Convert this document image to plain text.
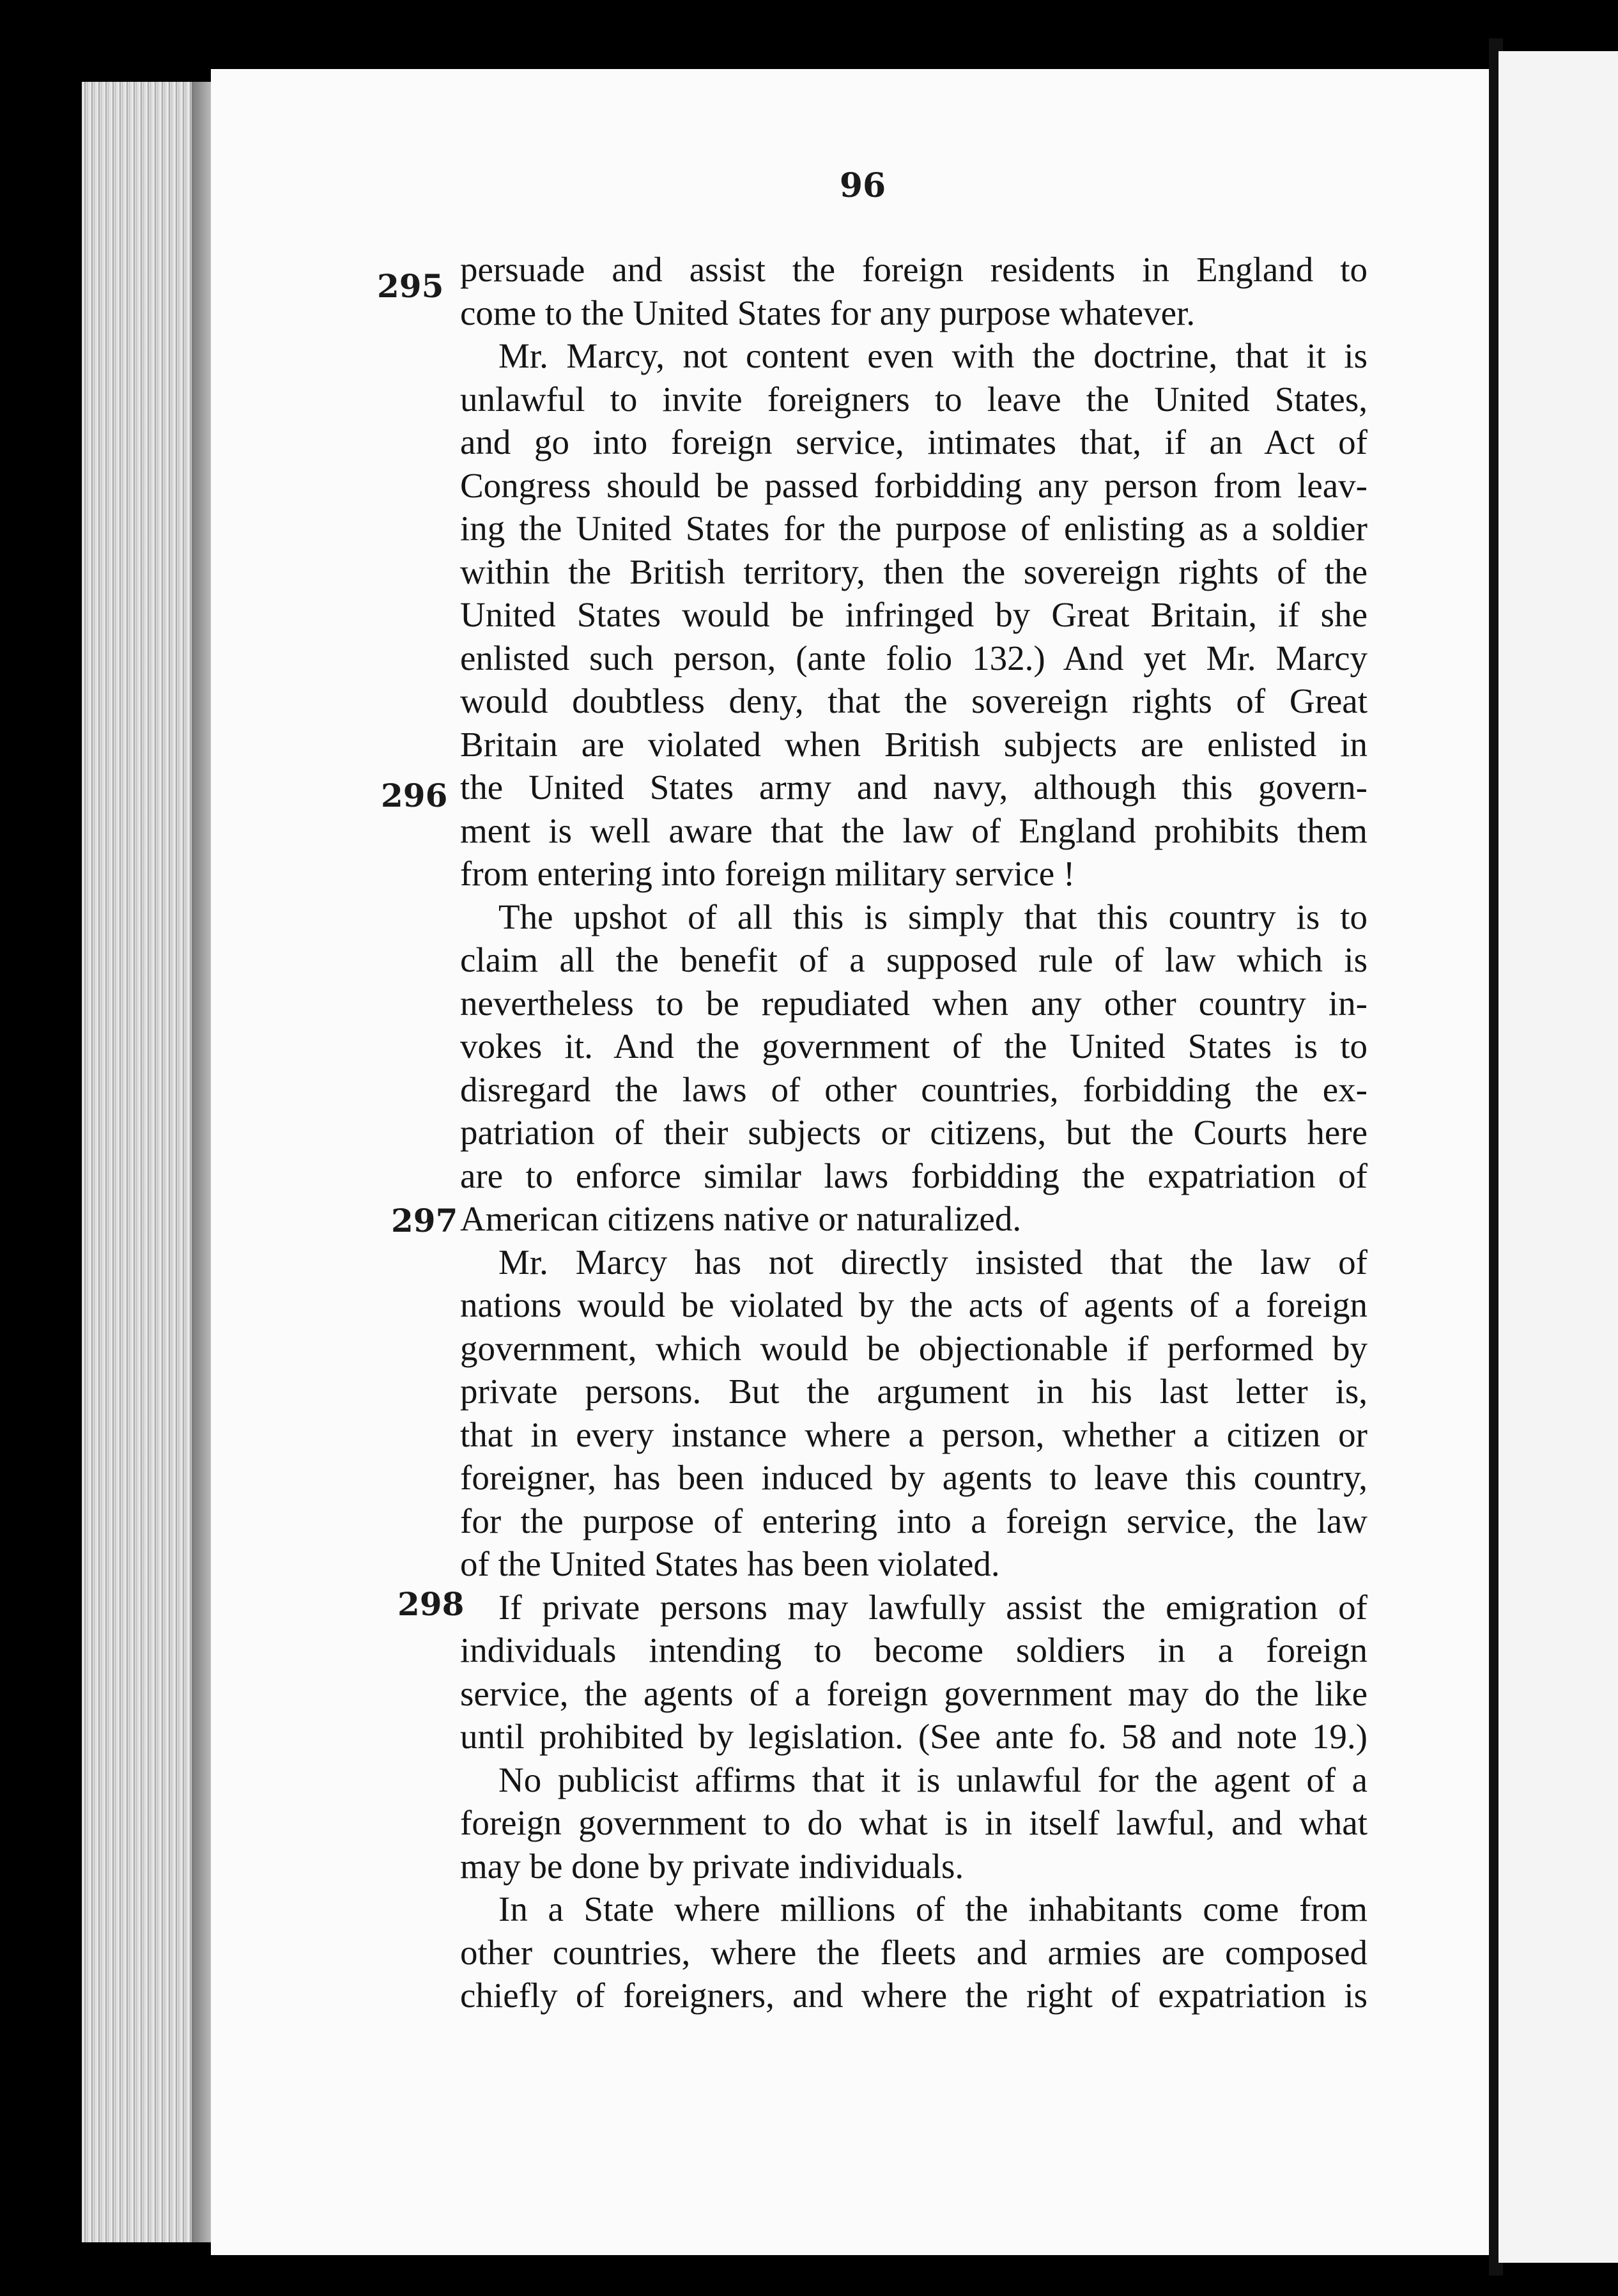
96
295
296
297
298
persuade and assist the foreign residents in England to
come to the United States for any purpose whatever.
Mr. Marcy, not content even with the doctrine, that it is
unlawful to invite foreigners to leave the United States,
and go into foreign service, intimates that, if an Act of
Congress should be passed forbidding any person from leav-
ing the United States for the purpose of enlisting as a soldier
within the British territory, then the sovereign rights of the
United States would be infringed by Great Britain, if she
enlisted such person, (ante folio 132.) And yet Mr. Marcy
would doubtless deny, that the sovereign rights of Great
Britain are violated when British subjects are enlisted in
the United States army and navy, although this govern-
ment is well aware that the law of England prohibits them
from entering into foreign military service !
The upshot of all this is simply that this country is to
claim all the benefit of a supposed rule of law which is
nevertheless to be repudiated when any other country in-
vokes it. And the government of the United States is to
disregard the laws of other countries, forbidding the ex-
patriation of their subjects or citizens, but the Courts here
are to enforce similar laws forbidding the expatriation of
American citizens native or naturalized.
Mr. Marcy has not directly insisted that the law of
nations would be violated by the acts of agents of a foreign
government, which would be objectionable if performed by
private persons. But the argument in his last letter is,
that in every instance where a person, whether a citizen or
foreigner, has been induced by agents to leave this country,
for the purpose of entering into a foreign service, the law
of the United States has been violated.
If private persons may lawfully assist the emigration of
individuals intending to become soldiers in a foreign
service, the agents of a foreign government may do the like
until prohibited by legislation. (See ante fo. 58 and note 19.)
No publicist affirms that it is unlawful for the agent of a
foreign government to do what is in itself lawful, and what
may be done by private individuals.
In a State where millions of the inhabitants come from
other countries, where the fleets and armies are composed
chiefly of foreigners, and where the right of expatriation is
